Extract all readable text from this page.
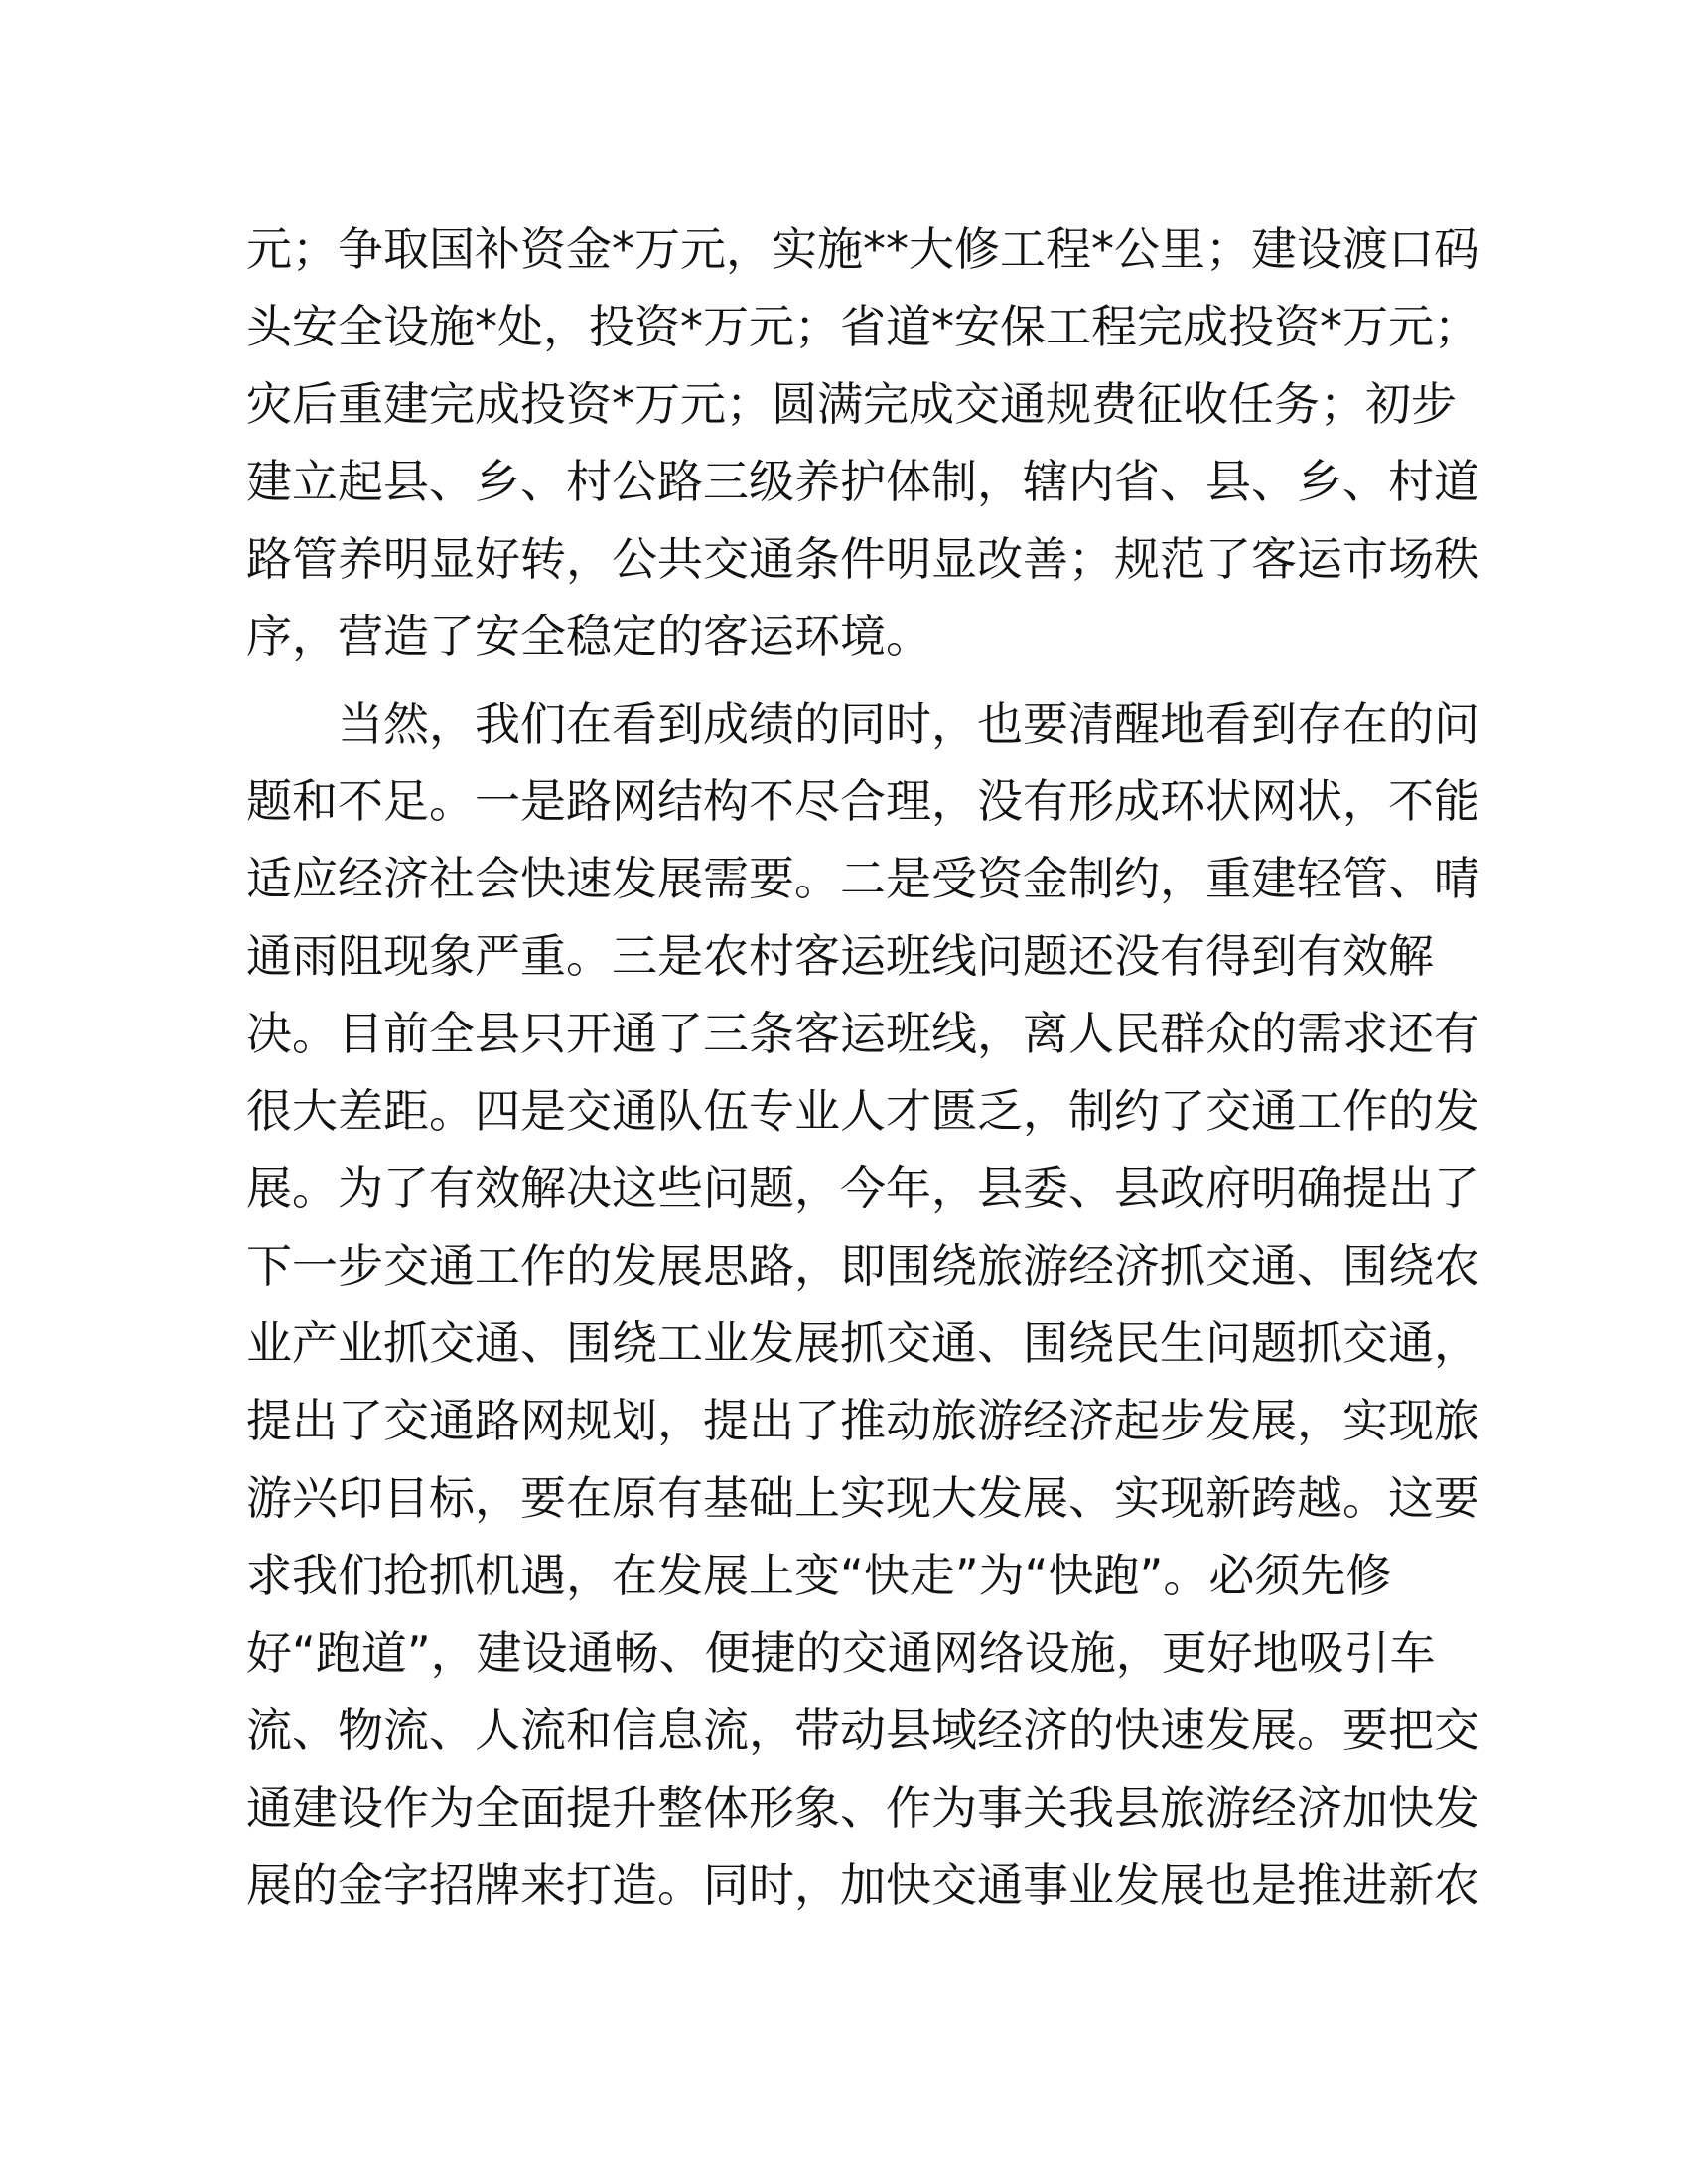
元；争取国补资金*万元，实施**大修工程*公里；建设渡口码
头安全设施*处，投资*万元；省道*安保工程完成投资*万元；
灾后重建完成投资*万元；圆满完成交通规费征收任务；初步
建立起县、乡、村公路三级养护体制，辖内省、县、乡、村道
路管养明显好转，公共交通条件明显改善；规范了客运市场秩
序，营造了安全稳定的客运环境。
当然，我们在看到成绩的同时，也要清醒地看到存在的问
题和不足。一是路网结构不尽合理，没有形成环状网状，不能
适应经济社会快速发展需要。二是受资金制约，重建轻管、晴
通雨阻现象严重。三是农村客运班线问题还没有得到有效解
决。目前全县只开通了三条客运班线，离人民群众的需求还有
很大差距。四是交通队伍专业人才匮乏，制约了交通工作的发
展。为了有效解决这些问题，今年，县委、县政府明确提出了
下一步交通工作的发展思路，即围绕旅游经济抓交通、围绕农
业产业抓交通、围绕工业发展抓交通、围绕民生问题抓交通，
提出了交通路网规划，提出了推动旅游经济起步发展，实现旅
游兴印目标，要在原有基础上实现大发展、实现新跨越。这要
求我们抢抓机遇，在发展上变“快走”为“快跑”。必须先修
好“跑道”，建设通畅、便捷的交通网络设施，更好地吸引车
流、物流、人流和信息流，带动县域经济的快速发展。要把交
通建设作为全面提升整体形象、作为事关我县旅游经济加快发
展的金字招牌来打造。同时，加快交通事业发展也是推进新农
